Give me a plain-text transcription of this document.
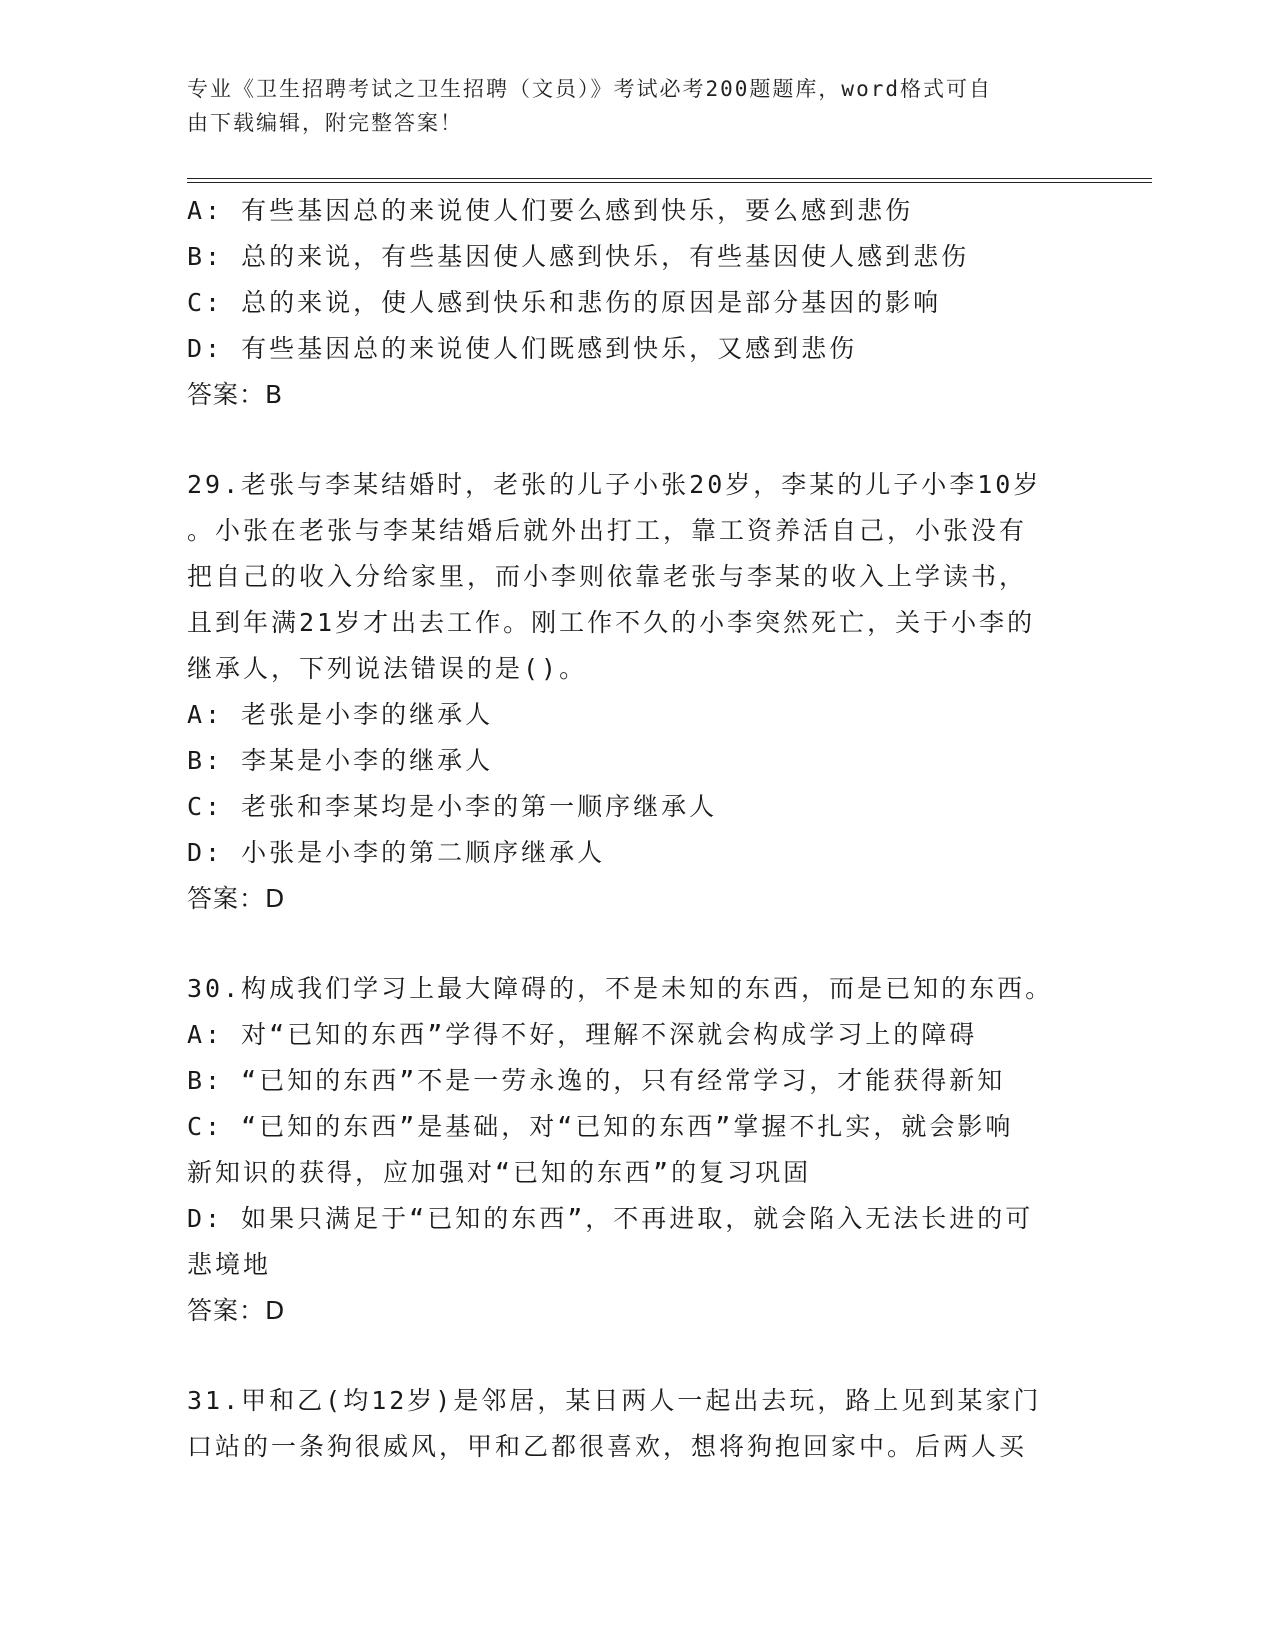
专业《卫生招聘考试之卫生招聘（文员）》考试必考200题题库，word格式可自
由下载编辑，附完整答案！
A: 有些基因总的来说使人们要么感到快乐，要么感到悲伤
B: 总的来说，有些基因使人感到快乐，有些基因使人感到悲伤
C: 总的来说，使人感到快乐和悲伤的原因是部分基因的影响
D: 有些基因总的来说使人们既感到快乐，又感到悲伤
答案：B
29.老张与李某结婚时，老张的儿子小张20岁，李某的儿子小李10岁
。小张在老张与李某结婚后就外出打工，靠工资养活自己，小张没有
把自己的收入分给家里，而小李则依靠老张与李某的收入上学读书，
且到年满21岁才出去工作。刚工作不久的小李突然死亡，关于小李的
继承人，下列说法错误的是()。
A: 老张是小李的继承人
B: 李某是小李的继承人
C: 老张和李某均是小李的第一顺序继承人
D: 小张是小李的第二顺序继承人
答案：D
30.构成我们学习上最大障碍的，不是未知的东西，而是已知的东西。
A: 对“已知的东西”学得不好，理解不深就会构成学习上的障碍
B: “已知的东西”不是一劳永逸的，只有经常学习，才能获得新知
C: “已知的东西”是基础，对“已知的东西”掌握不扎实，就会影响
新知识的获得，应加强对“已知的东西”的复习巩固
D: 如果只满足于“已知的东西”，不再进取，就会陷入无法长进的可
悲境地
答案：D
31.甲和乙(均12岁)是邻居，某日两人一起出去玩，路上见到某家门
口站的一条狗很威风，甲和乙都很喜欢，想将狗抱回家中。后两人买
